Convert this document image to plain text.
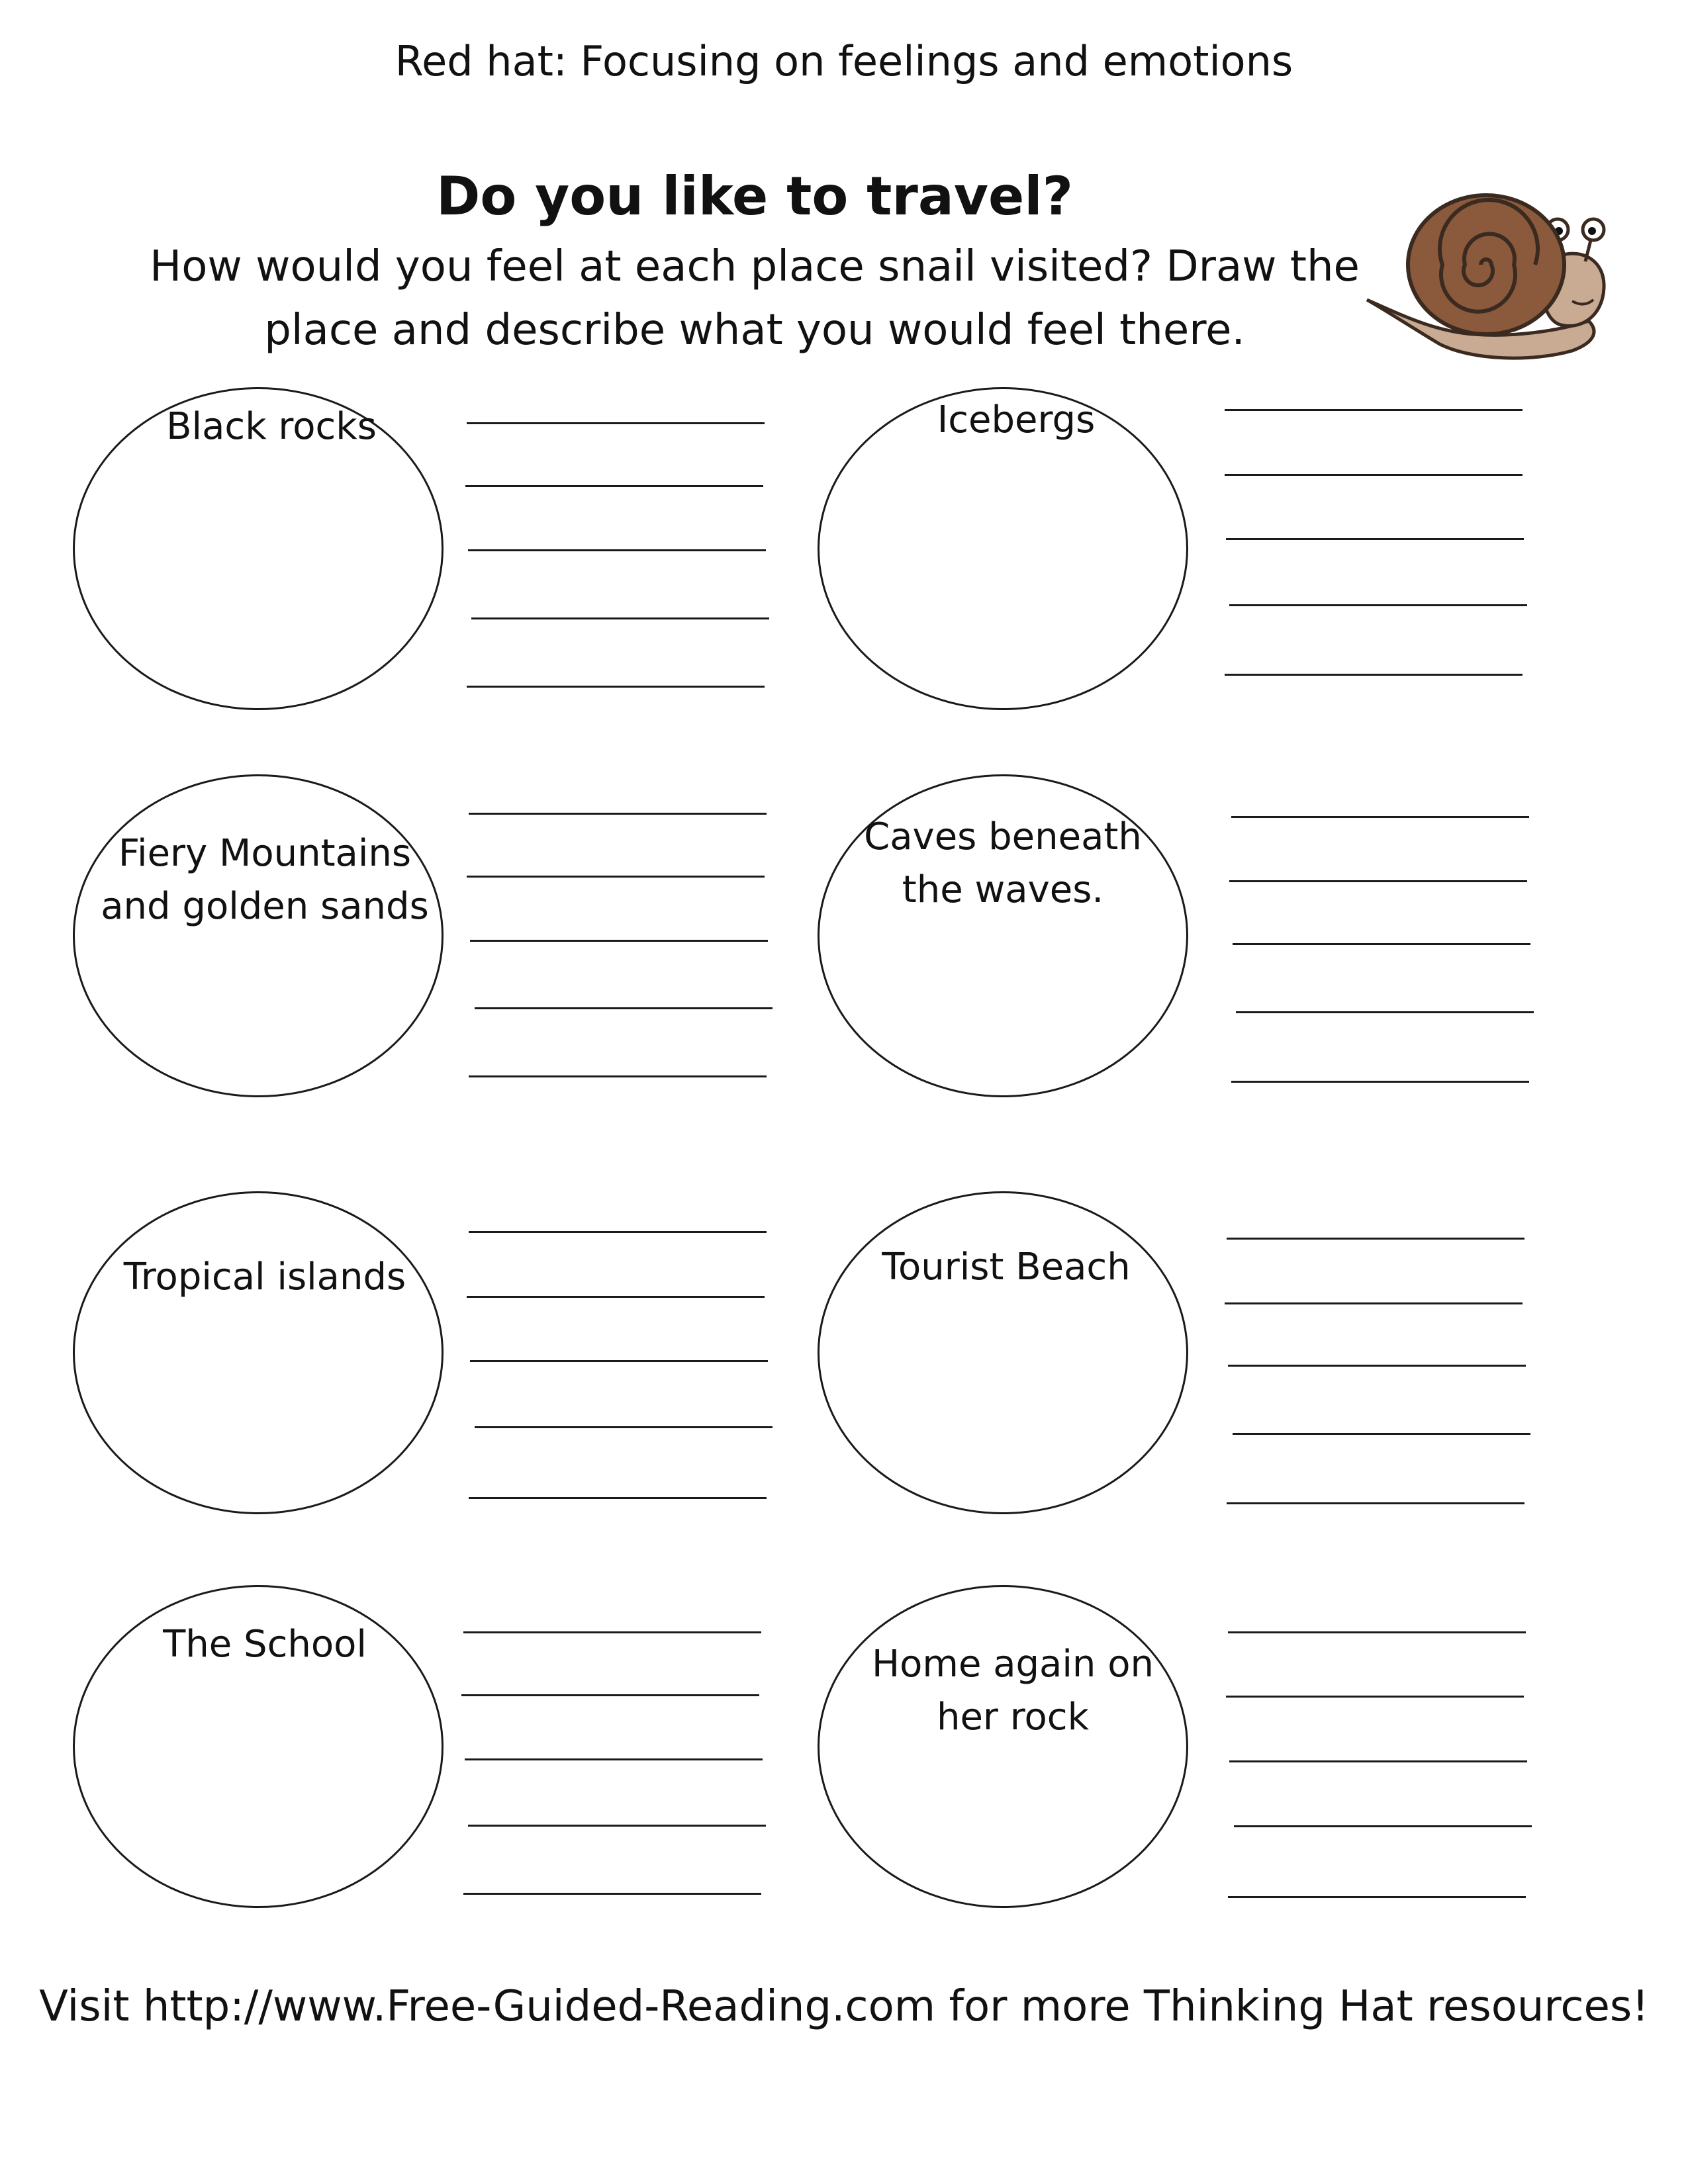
Red hat: Focusing on feelings and emotions
Do you like to travel?
How would you feel at each place snail visited? Draw the
place and describe what you would feel there.
Black rocks	Icebergs
Fiery Mountains
and golden sands
Caves beneath
the waves.
Tropical islands	Tourist Beach
The School	Home again on
her rock
Visit http://www.Free-Guided-Reading.com for more Thinking Hat resources!
